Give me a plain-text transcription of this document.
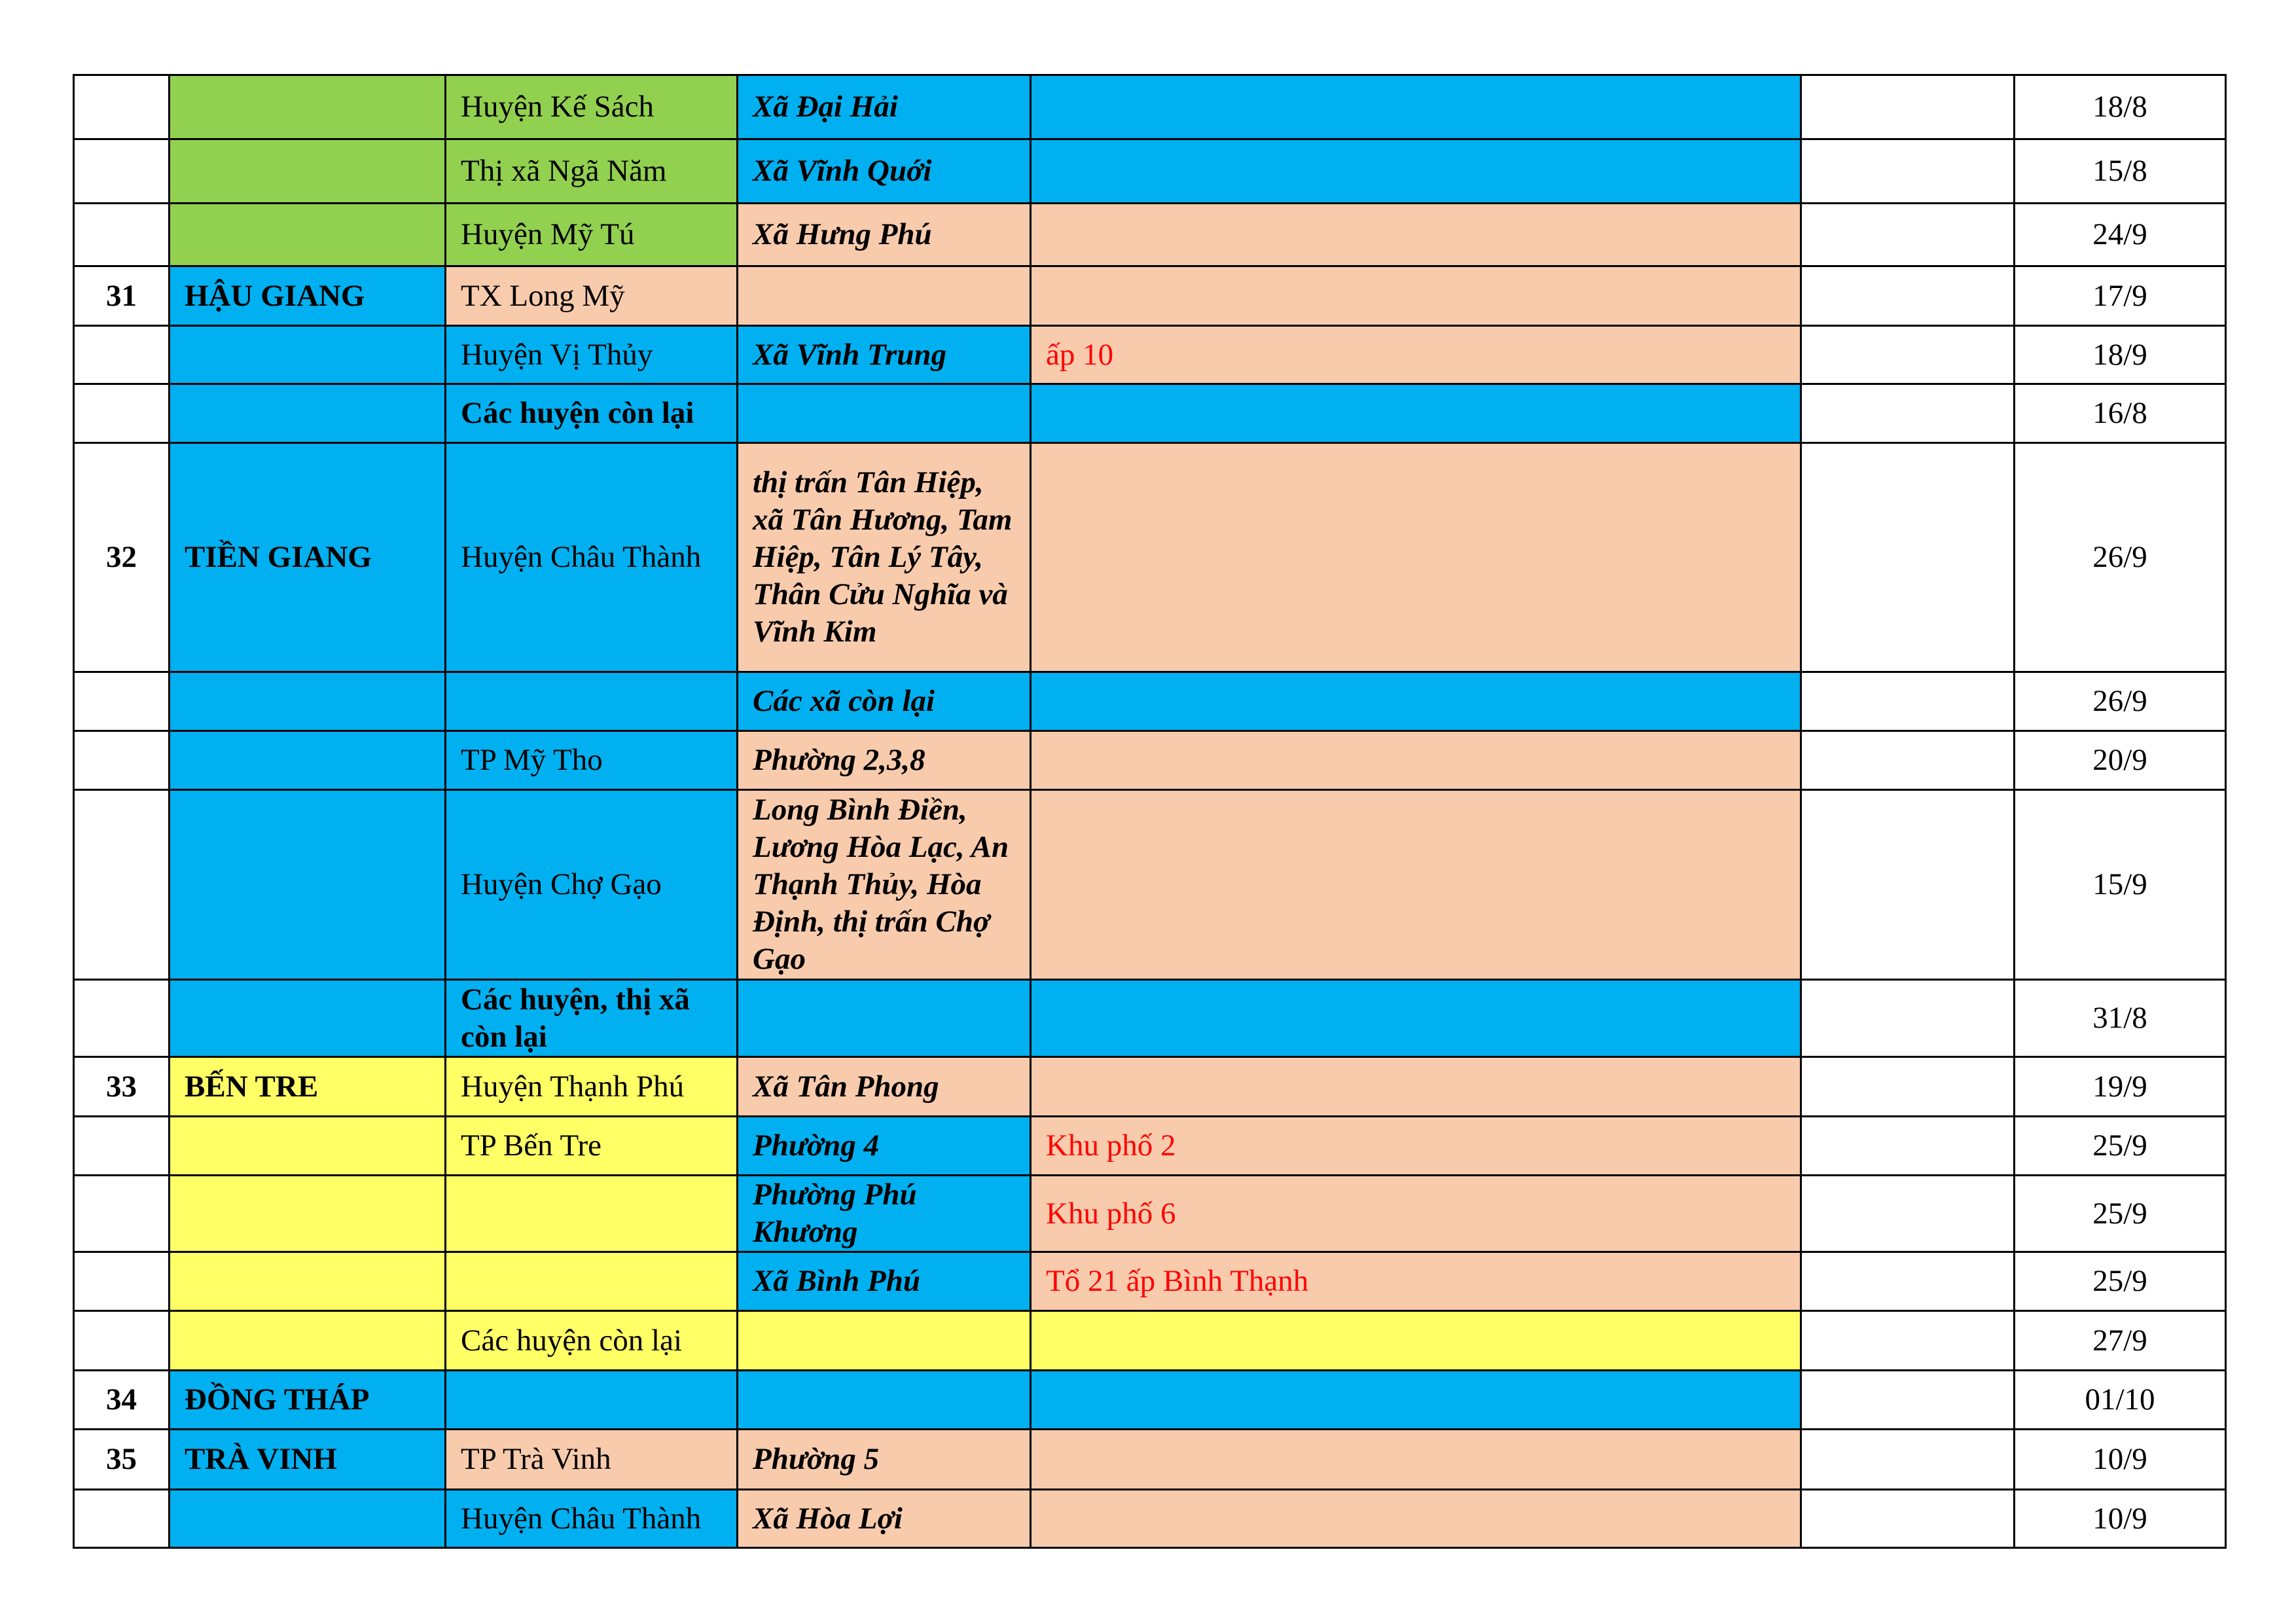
		Huyện Kế Sách	Xã Đại Hải			18/8
		Thị xã Ngã Năm	Xã Vĩnh Quới			15/8
		Huyện Mỹ Tú	Xã Hưng Phú			24/9
31	HẬU GIANG	TX Long Mỹ				17/9
		Huyện Vị Thủy	Xã Vĩnh Trung	ấp 10		18/9
		Các huyện còn lại				16/8
32	TIỀN GIANG	Huyện Châu Thành	thị trấn Tân Hiệp, xã Tân Hương, Tam Hiệp, Tân Lý Tây, Thân Cửu Nghĩa và Vĩnh Kim			26/9
			Các xã còn lại			26/9
		TP Mỹ Tho	Phường 2,3,8			20/9
		Huyện Chợ Gạo	Long Bình Điền, Lương Hòa Lạc, An Thạnh Thủy, Hòa Định, thị trấn Chợ Gạo			15/9
		Các huyện, thị xã còn lại				31/8
33	BẾN TRE	Huyện Thạnh Phú	Xã Tân Phong			19/9
		TP Bến Tre	Phường 4	Khu phố 2		25/9
			Phường Phú Khương	Khu phố 6		25/9
			Xã Bình Phú	Tổ 21 ấp Bình Thạnh		25/9
		Các huyện còn lại				27/9
34	ĐỒNG THÁP					01/10
35	TRÀ VINH	TP Trà Vinh	Phường 5			10/9
		Huyện Châu Thành	Xã Hòa Lợi			10/9
